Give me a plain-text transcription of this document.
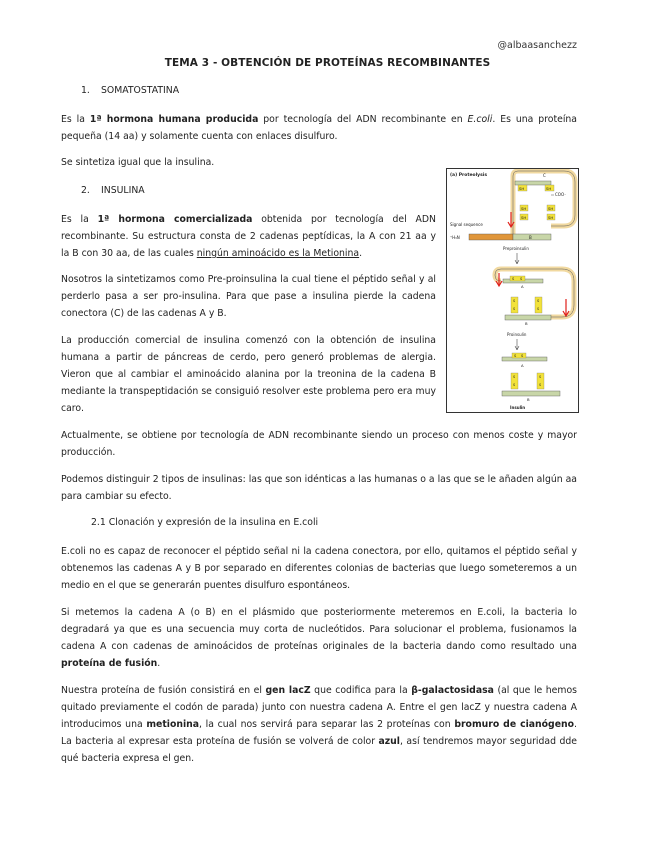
@albaasanchezz
TEMA 3 - OBTENCIÓN DE PROTEÍNAS RECOMBINANTES
1. SOMATOSTATINA
Es la 1ª hormona humana producida por tecnología del ADN recombinante en E.coli. Es una proteína pequeña (14 aa) y solamente cuenta con enlaces disulfuro.
Se sintetiza igual que la insulina.
2. INSULINA
Es la 1ª hormona comercializada obtenida por tecnología del ADN recombinante. Su estructura consta de 2 cadenas peptídicas, la A con 21 aa y la B con 30 aa, de las cuales ningún aminoácido es la Metionina.
Nosotros la sintetizamos como Pre-proinsulina la cual tiene el péptido señal y al perderlo pasa a ser pro-insulina. Para que pase a insulina pierde la cadena conectora (C) de las cadenas A y B.
La producción comercial de insulina comenzó con la obtención de insulina humana a partir de páncreas de cerdo, pero generó problemas de alergia. Vieron que al cambiar el aminoácido alanina por la treonina de la cadena B mediante la transpeptidación se consiguió resolver este problema pero era muy caro.
Actualmente, se obtiene por tecnología de ADN recombinante siendo un proceso con menos coste y mayor producción.
Podemos distinguir 2 tipos de insulinas: las que son idénticas a las humanas o a las que se le añaden algún aa para cambiar su efecto.
2.1 Clonación y expresión de la insulina en E.coli
E.coli no es capaz de reconocer el péptido señal ni la cadena conectora, por ello, quitamos el péptido señal y obtenemos las cadenas A y B por separado en diferentes colonias de bacterias que luego someteremos a un medio en el que se generarán puentes disulfuro espontáneos.
Si metemos la cadena A (o B) en el plásmido que posteriormente meteremos en E.coli, la bacteria lo degradará ya que es una secuencia muy corta de nucleótidos. Para solucionar el problema, fusionamos la cadena A con cadenas de aminoácidos de proteínas originales de la bacteria dando como resultado una proteína de fusión.
Nuestra proteína de fusión consistirá en el gen lacZ que codifica para la β-galactosidasa (al que le hemos quitado previamente el codón de parada) junto con nuestra cadena A. Entre el gen lacZ y nuestra cadena A introducimos una metionina, la cual nos servirá para separar las 2 proteínas con bromuro de cianógeno. La bacteria al expresar esta proteína de fusión se volverá de color azul, así tendremos mayor seguridad dde qué bacteria expresa el gen.
(a) Proteolysis	C
COO⁻
SH	SH
SH
SH
SH
SH
Signal sequence
⁺H₃N	B
Preproinsulin
S S
A
S
S
S
S
B
Proinsulin
S S
A
S
S
S
S
B
Insulin
